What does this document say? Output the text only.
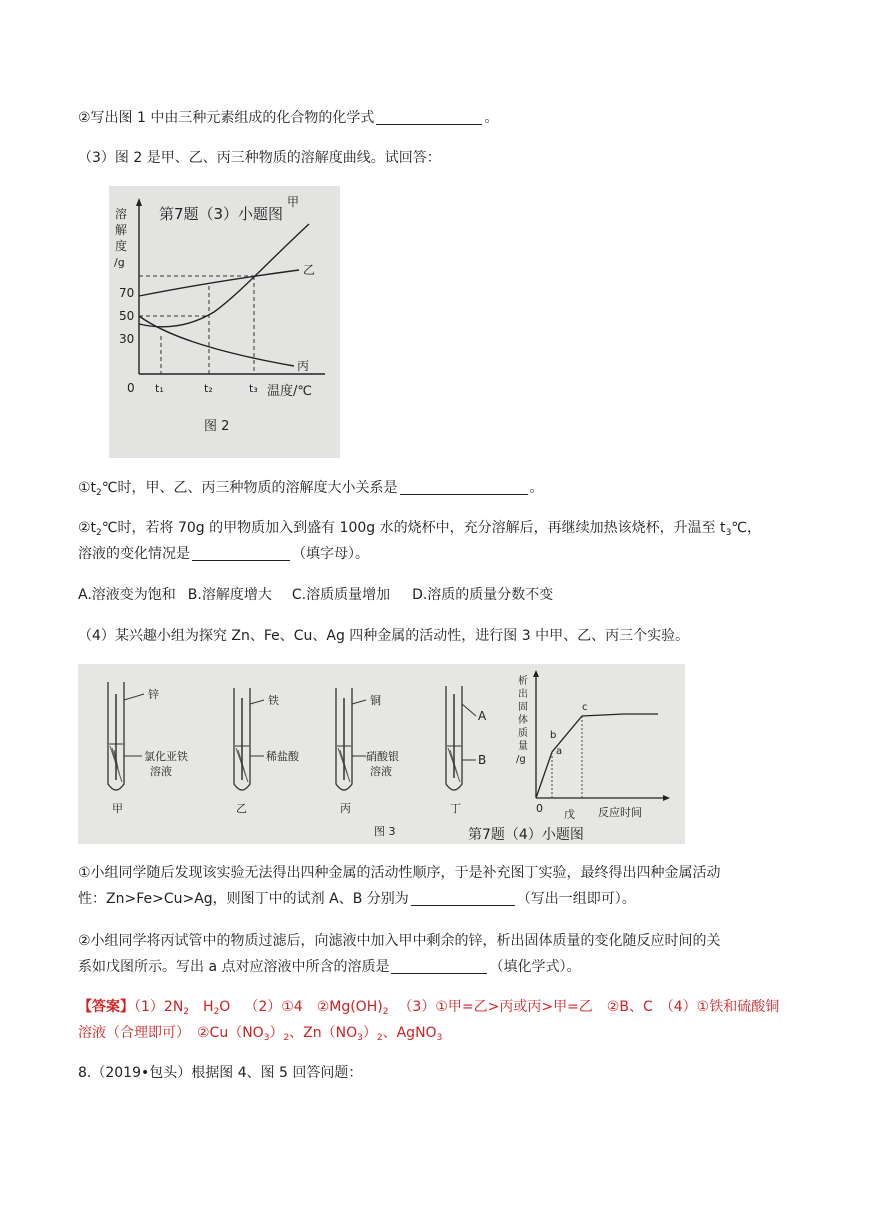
②写出图 1 中由三种元素组成的化合物的化学式	。
（3）图 2 是甲、乙、丙三种物质的溶解度曲线。试回答：
第7题（3）小题图
溶
解
度
/g
70
50
30
0
甲
乙
丙
t₁	t₂	t₃ 温度/℃
图 2
$①t_2℃$时，甲、乙、丙三种物质的溶解度大小关系是	。
$②t_2℃$时，若将 70g 的甲物质加入到盛有 100g 水的烧杯中，充分溶解后，再继续加热该烧杯，升温至 $t_3℃$，
溶液的变化情况是	（填字母）。
A.溶液变为饱和 B.溶解度增大 C.溶质质量增加 D.溶质的质量分数不变
（4）某兴趣小组为探究 Zn、Fe、Cu、Ag 四种金属的活动性，进行图 3 中甲、乙、丙三个实验。
锌
氯化亚铁
溶液
甲
铁
稀盐酸
乙
铜
硝酸银
溶液
丙
A
B
丁
析
出
固
体
质
量
/g
0 戊 反应时间
a
b
c
图 3	第7题（4）小题图
①小组同学随后发现该实验无法得出四种金属的活动性顺序，于是补充图丁实验，最终得出四种金属活动
性：Zn>Fe>Cu>Ag，则图丁中的试剂 A、B 分别为	（写出一组即可）。
②小组同学将丙试管中的物质过滤后，向滤液中加入甲中剩余的锌，析出固体质量的变化随反应时间的关
系如戊图所示。写出 a 点对应溶液中所含的溶质是	（填化学式）。
【答案】$(1)2N_2$ $H_2O$ （2）①4　$②Mg(OH)_2$ （3）①甲=乙>丙或丙>甲=乙　②B、C　（4）①铁和硫酸铜
溶液（合理即可）　$②Cu(NO_3)_2$、$Zn(NO_3)_2$、AgNO$_3$
8.（2019•包头）根据图 4、图 5 回答问题：
